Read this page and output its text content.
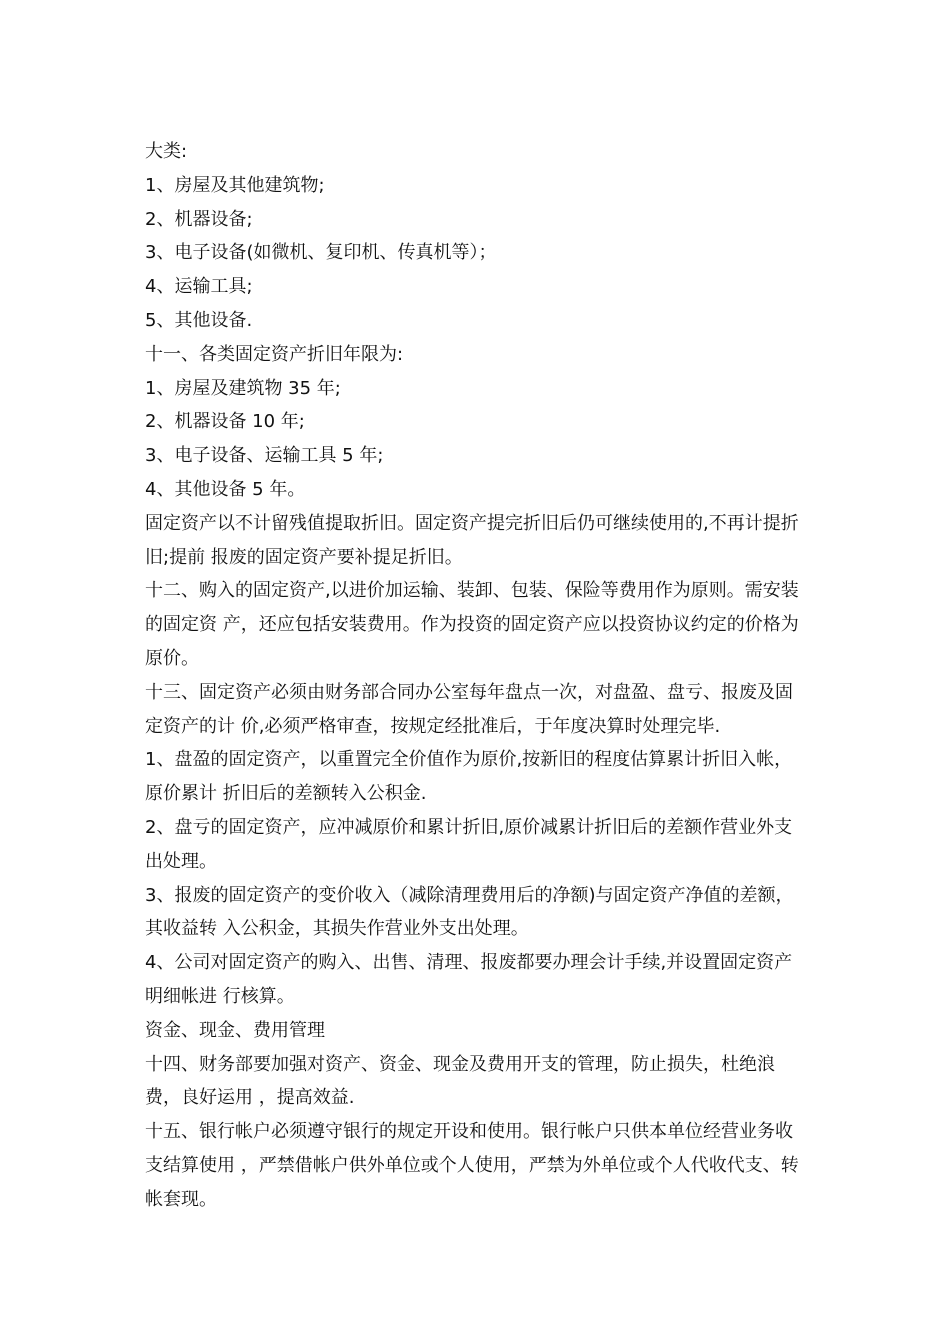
大类:

1、房屋及其他建筑物;

2、机器设备;

3、电子设备(如微机、复印机、传真机等）；

4、运输工具;

5、其他设备.

十一、各类固定资产折旧年限为:

1、房屋及建筑物 35 年;

2、机器设备 10 年;

3、电子设备、运输工具 5 年;

4、其他设备 5 年。

固定资产以不计留残值提取折旧。固定资产提完折旧后仍可继续使用的,不再计提折旧;提前 报废的固定资产要补提足折旧。

十二、购入的固定资产,以进价加运输、装卸、包装、保险等费用作为原则。需安装的固定资 产，还应包括安装费用。作为投资的固定资产应以投资协议约定的价格为原价。

十三、固定资产必须由财务部合同办公室每年盘点一次，对盘盈、盘亏、报废及固定资产的计 价,必须严格审查，按规定经批准后，于年度决算时处理完毕.

1、盘盈的固定资产，以重置完全价值作为原价,按新旧的程度估算累计折旧入帐，原价累计 折旧后的差额转入公积金.

2、盘亏的固定资产，应冲减原价和累计折旧,原价减累计折旧后的差额作营业外支出处理。

3、报废的固定资产的变价收入（减除清理费用后的净额)与固定资产净值的差额，其收益转 入公积金，其损失作营业外支出处理。

4、公司对固定资产的购入、出售、清理、报废都要办理会计手续,并设置固定资产明细帐进 行核算。

资金、现金、费用管理

十四、财务部要加强对资产、资金、现金及费用开支的管理，防止损失，杜绝浪费，良好运用 ，提高效益.

十五、银行帐户必须遵守银行的规定开设和使用。银行帐户只供本单位经营业务收支结算使用 ，严禁借帐户供外单位或个人使用，严禁为外单位或个人代收代支、转帐套现。
